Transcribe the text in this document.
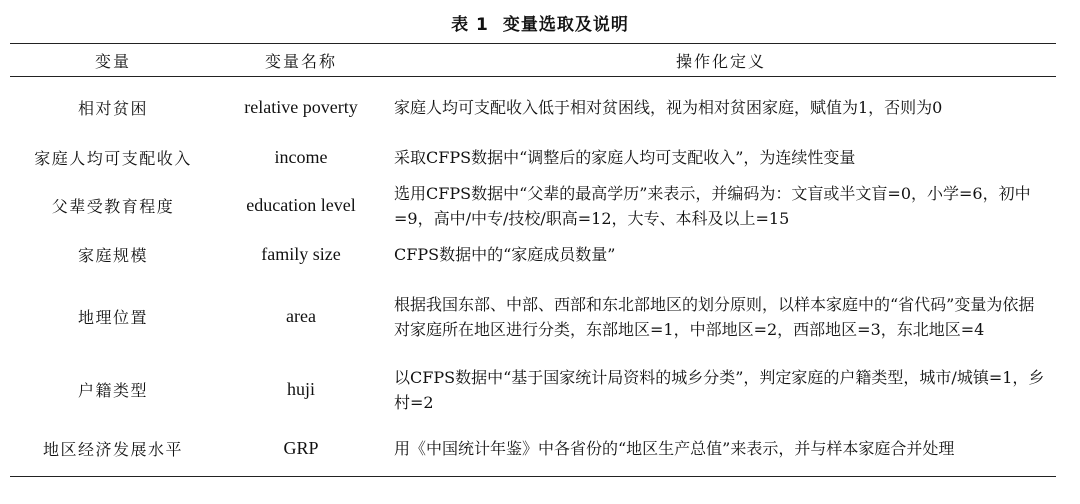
表 1 变量选取及说明
变量	变量名称	操作化定义
相对贫困	relative poverty	家庭人均可支配收入低于相对贫困线，视为相对贫困家庭，赋值为1，否则为0
家庭人均可支配收入	income	采取CFPS数据中“调整后的家庭人均可支配收入”，为连续性变量
父辈受教育程度	education level	选用CFPS数据中“父辈的最高学历”来表示，并编码为：文盲或半文盲=0，小学=6，初中=9，高中/中专/技校/职高=12，大专、本科及以上=15
家庭规模	family size	CFPS数据中的“家庭成员数量”
地理位置	area	根据我国东部、中部、西部和东北部地区的划分原则，以样本家庭中的“省代码”变量为依据对家庭所在地区进行分类，东部地区=1，中部地区=2，西部地区=3，东北地区=4
户籍类型	huji	以CFPS数据中“基于国家统计局资料的城乡分类”，判定家庭的户籍类型，城市/城镇=1，乡村=2
地区经济发展水平	GRP	用《中国统计年鉴》中各省份的“地区生产总值”来表示，并与样本家庭合并处理
